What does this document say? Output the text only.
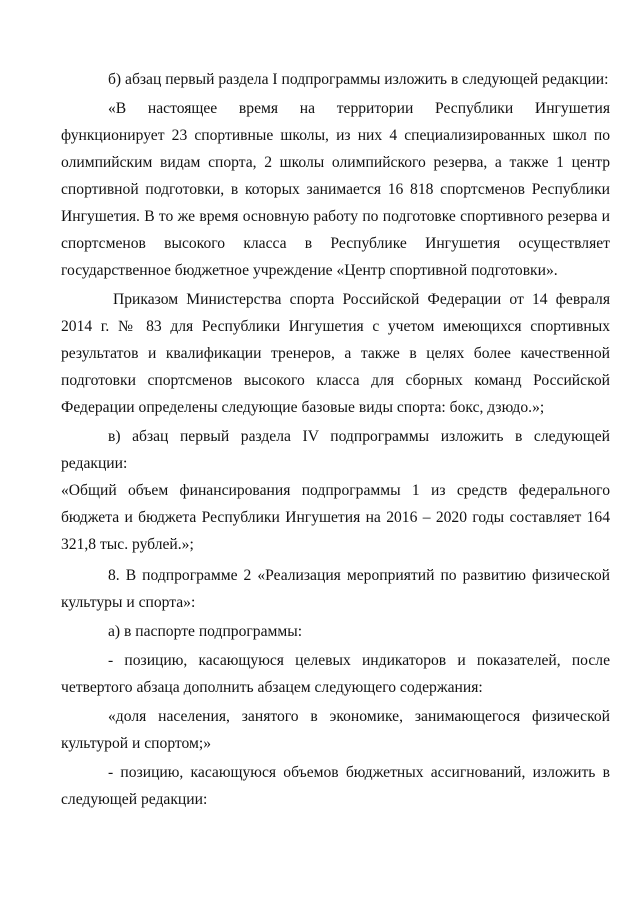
б) абзац первый раздела I подпрограммы изложить в следующей редакции:

«В настоящее время на территории Республики Ингушетия функционирует 23 спортивные школы, из них 4 специализированных школ по олимпийским видам спорта, 2 школы олимпийского резерва, а также 1 центр спортивной подготовки, в которых занимается 16 818 спортсменов Республики Ингушетия. В то же время основную работу по подготовке спортивного резерва и спортсменов высокого класса в Республике Ингушетия осуществляет государственное бюджетное учреждение «Центр спортивной подготовки».

Приказом Министерства спорта Российской Федерации от 14 февраля 2014 г. № 83 для Республики Ингушетия с учетом имеющихся спортивных результатов и квалификации тренеров, а также в целях более качественной подготовки спортсменов высокого класса для сборных команд Российской Федерации определены следующие базовые виды спорта: бокс, дзюдо.»;

в) абзац первый раздела IV подпрограммы изложить в следующей редакции:

«Общий объем финансирования подпрограммы 1 из средств федерального бюджета и бюджета Республики Ингушетия на 2016 – 2020 годы составляет 164 321,8 тыс. рублей.»;

8. В подпрограмме 2 «Реализация мероприятий по развитию физической культуры и спорта»:

а) в паспорте подпрограммы:

- позицию, касающуюся целевых индикаторов и показателей, после четвертого абзаца дополнить абзацем следующего содержания:

«доля населения, занятого в экономике, занимающегося физической культурой и спортом;»

- позицию, касающуюся объемов бюджетных ассигнований, изложить в следующей редакции:
